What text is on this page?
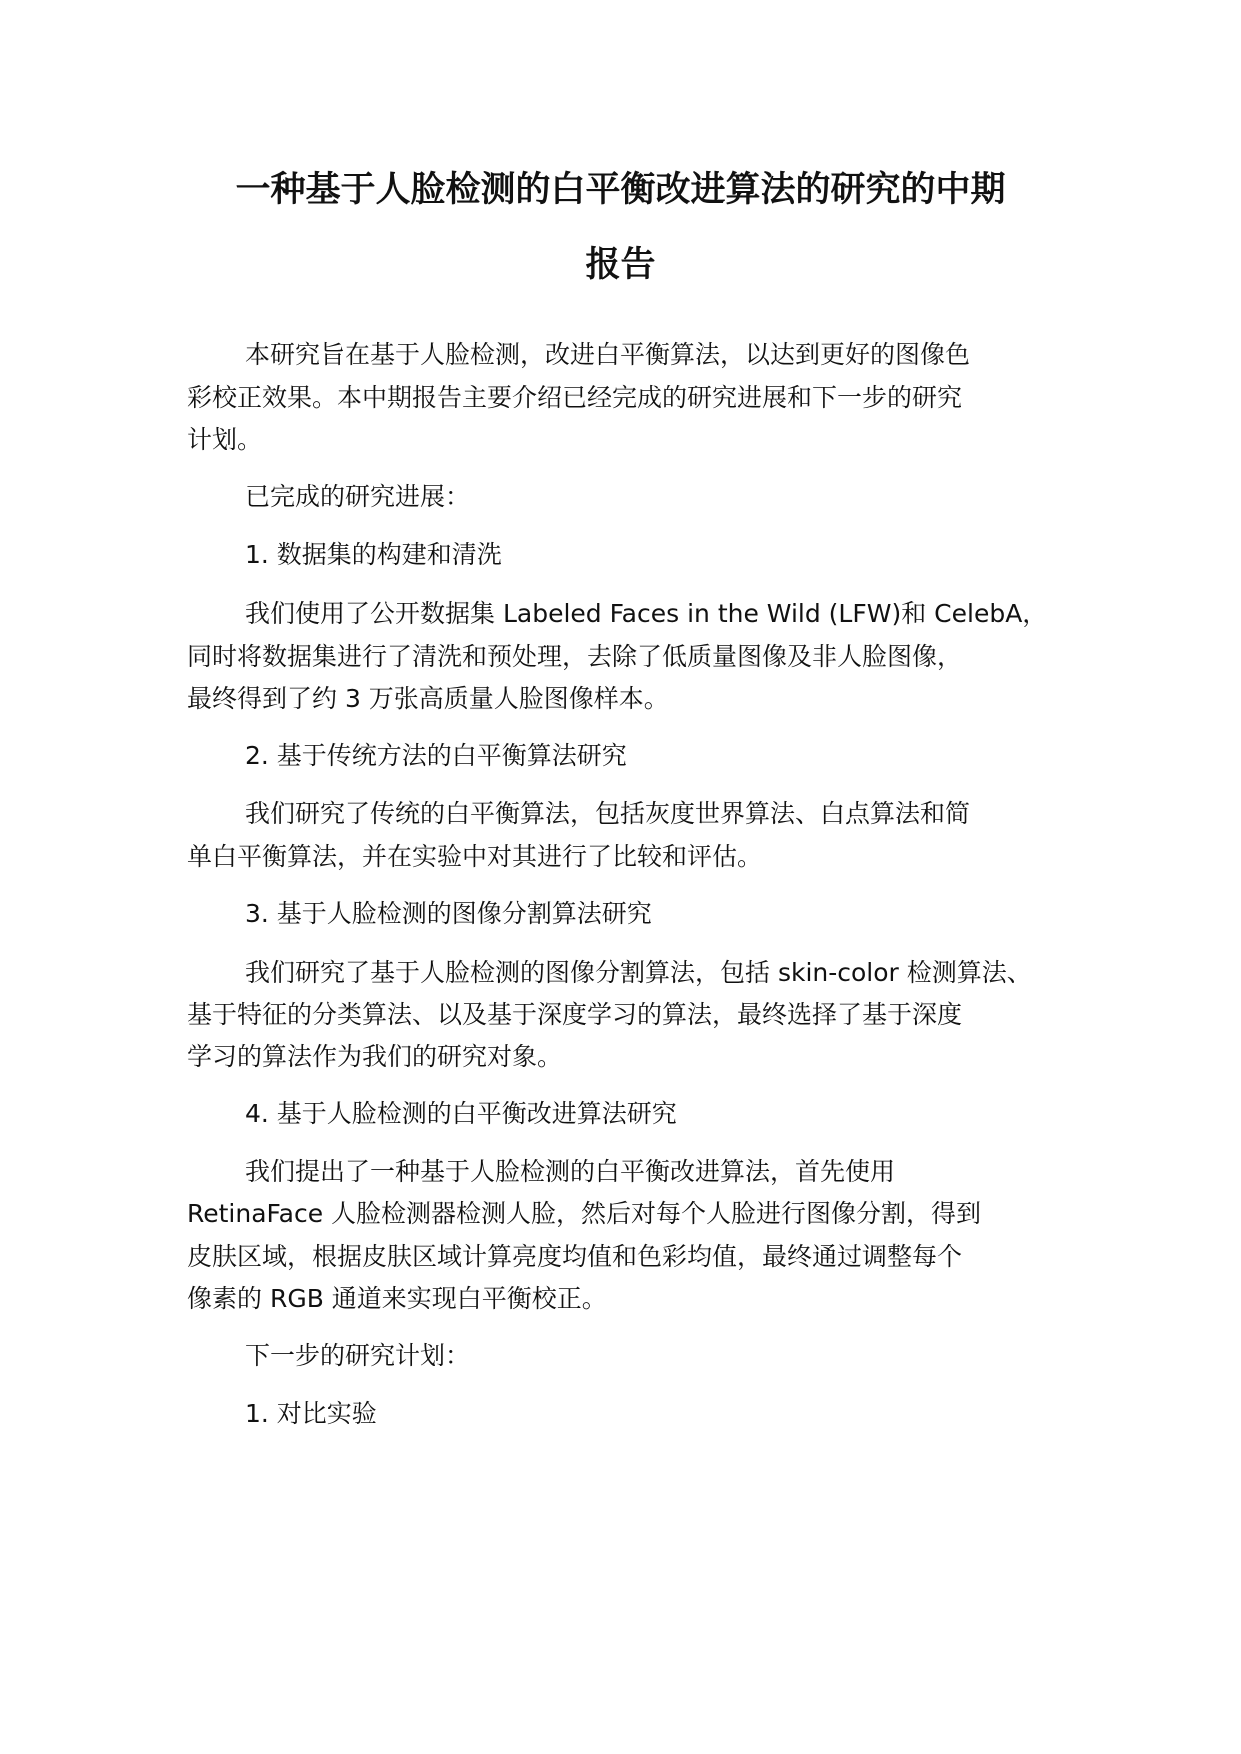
一种基于人脸检测的白平衡改进算法的研究的中期
报告
本研究旨在基于人脸检测，改进白平衡算法，以达到更好的图像色
彩校正效果。本中期报告主要介绍已经完成的研究进展和下一步的研究
计划。
已完成的研究进展：
1. 数据集的构建和清洗
我们使用了公开数据集 Labeled Faces in the Wild (LFW)和 CelebA，
同时将数据集进行了清洗和预处理，去除了低质量图像及非人脸图像，
最终得到了约 3 万张高质量人脸图像样本。
2. 基于传统方法的白平衡算法研究
我们研究了传统的白平衡算法，包括灰度世界算法、白点算法和简
单白平衡算法，并在实验中对其进行了比较和评估。
3. 基于人脸检测的图像分割算法研究
我们研究了基于人脸检测的图像分割算法，包括 skin-color 检测算法、
基于特征的分类算法、以及基于深度学习的算法，最终选择了基于深度
学习的算法作为我们的研究对象。
4. 基于人脸检测的白平衡改进算法研究
我们提出了一种基于人脸检测的白平衡改进算法，首先使用
RetinaFace 人脸检测器检测人脸，然后对每个人脸进行图像分割，得到
皮肤区域，根据皮肤区域计算亮度均值和色彩均值，最终通过调整每个
像素的 RGB 通道来实现白平衡校正。
下一步的研究计划：
1. 对比实验
